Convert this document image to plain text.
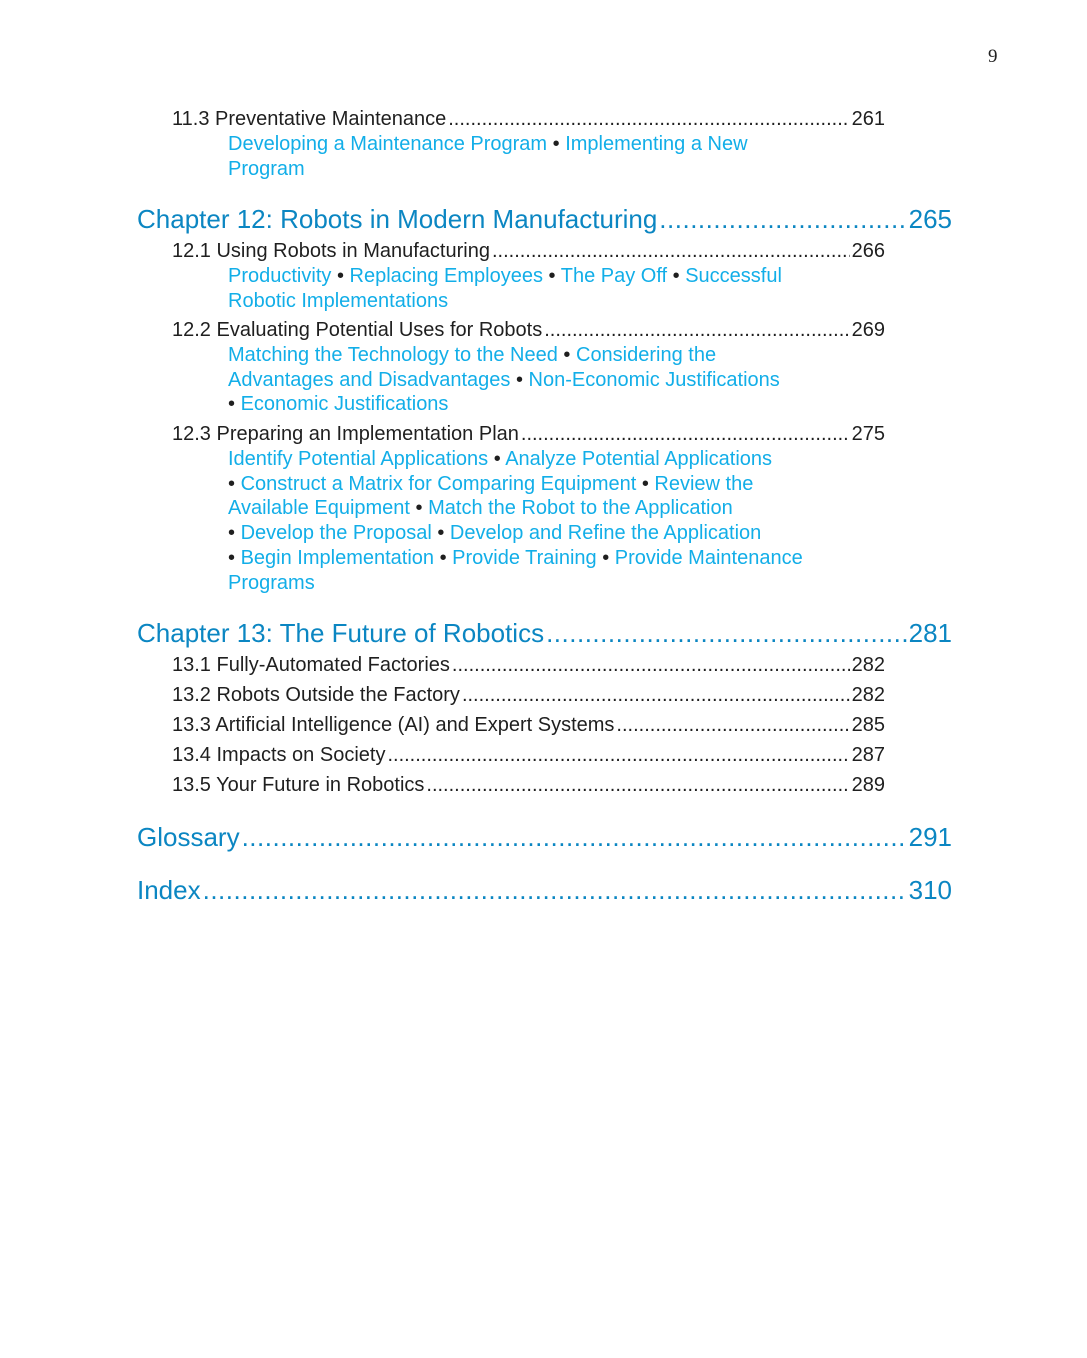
9
11.3 Preventative Maintenance .....	261
Developing a Maintenance Program • Implementing a New
Program
Chapter 12: Robots in Modern Manufacturing .....	265
12.1 Using Robots in Manufacturing .....	266
Productivity • Replacing Employees • The Pay Off • Successful
Robotic Implementations
12.2 Evaluating Potential Uses for Robots .....	269
Matching the Technology to the Need • Considering the
Advantages and Disadvantages • Non-Economic Justifications
• Economic Justifications
12.3 Preparing an Implementation Plan .....	275
Identify Potential Applications • Analyze Potential Applications
• Construct a Matrix for Comparing Equipment • Review the
Available Equipment • Match the Robot to the Application
• Develop the Proposal • Develop and Refine the Application
• Begin Implementation • Provide Training • Provide Maintenance
Programs
Chapter 13: The Future of Robotics .....	281
13.1 Fully-Automated Factories .....	282
13.2 Robots Outside the Factory .....	282
13.3 Artificial Intelligence (AI) and Expert Systems .....	285
13.4 Impacts on Society .....	287
13.5 Your Future in Robotics .....	289
Glossary .....	291
Index .....	310
